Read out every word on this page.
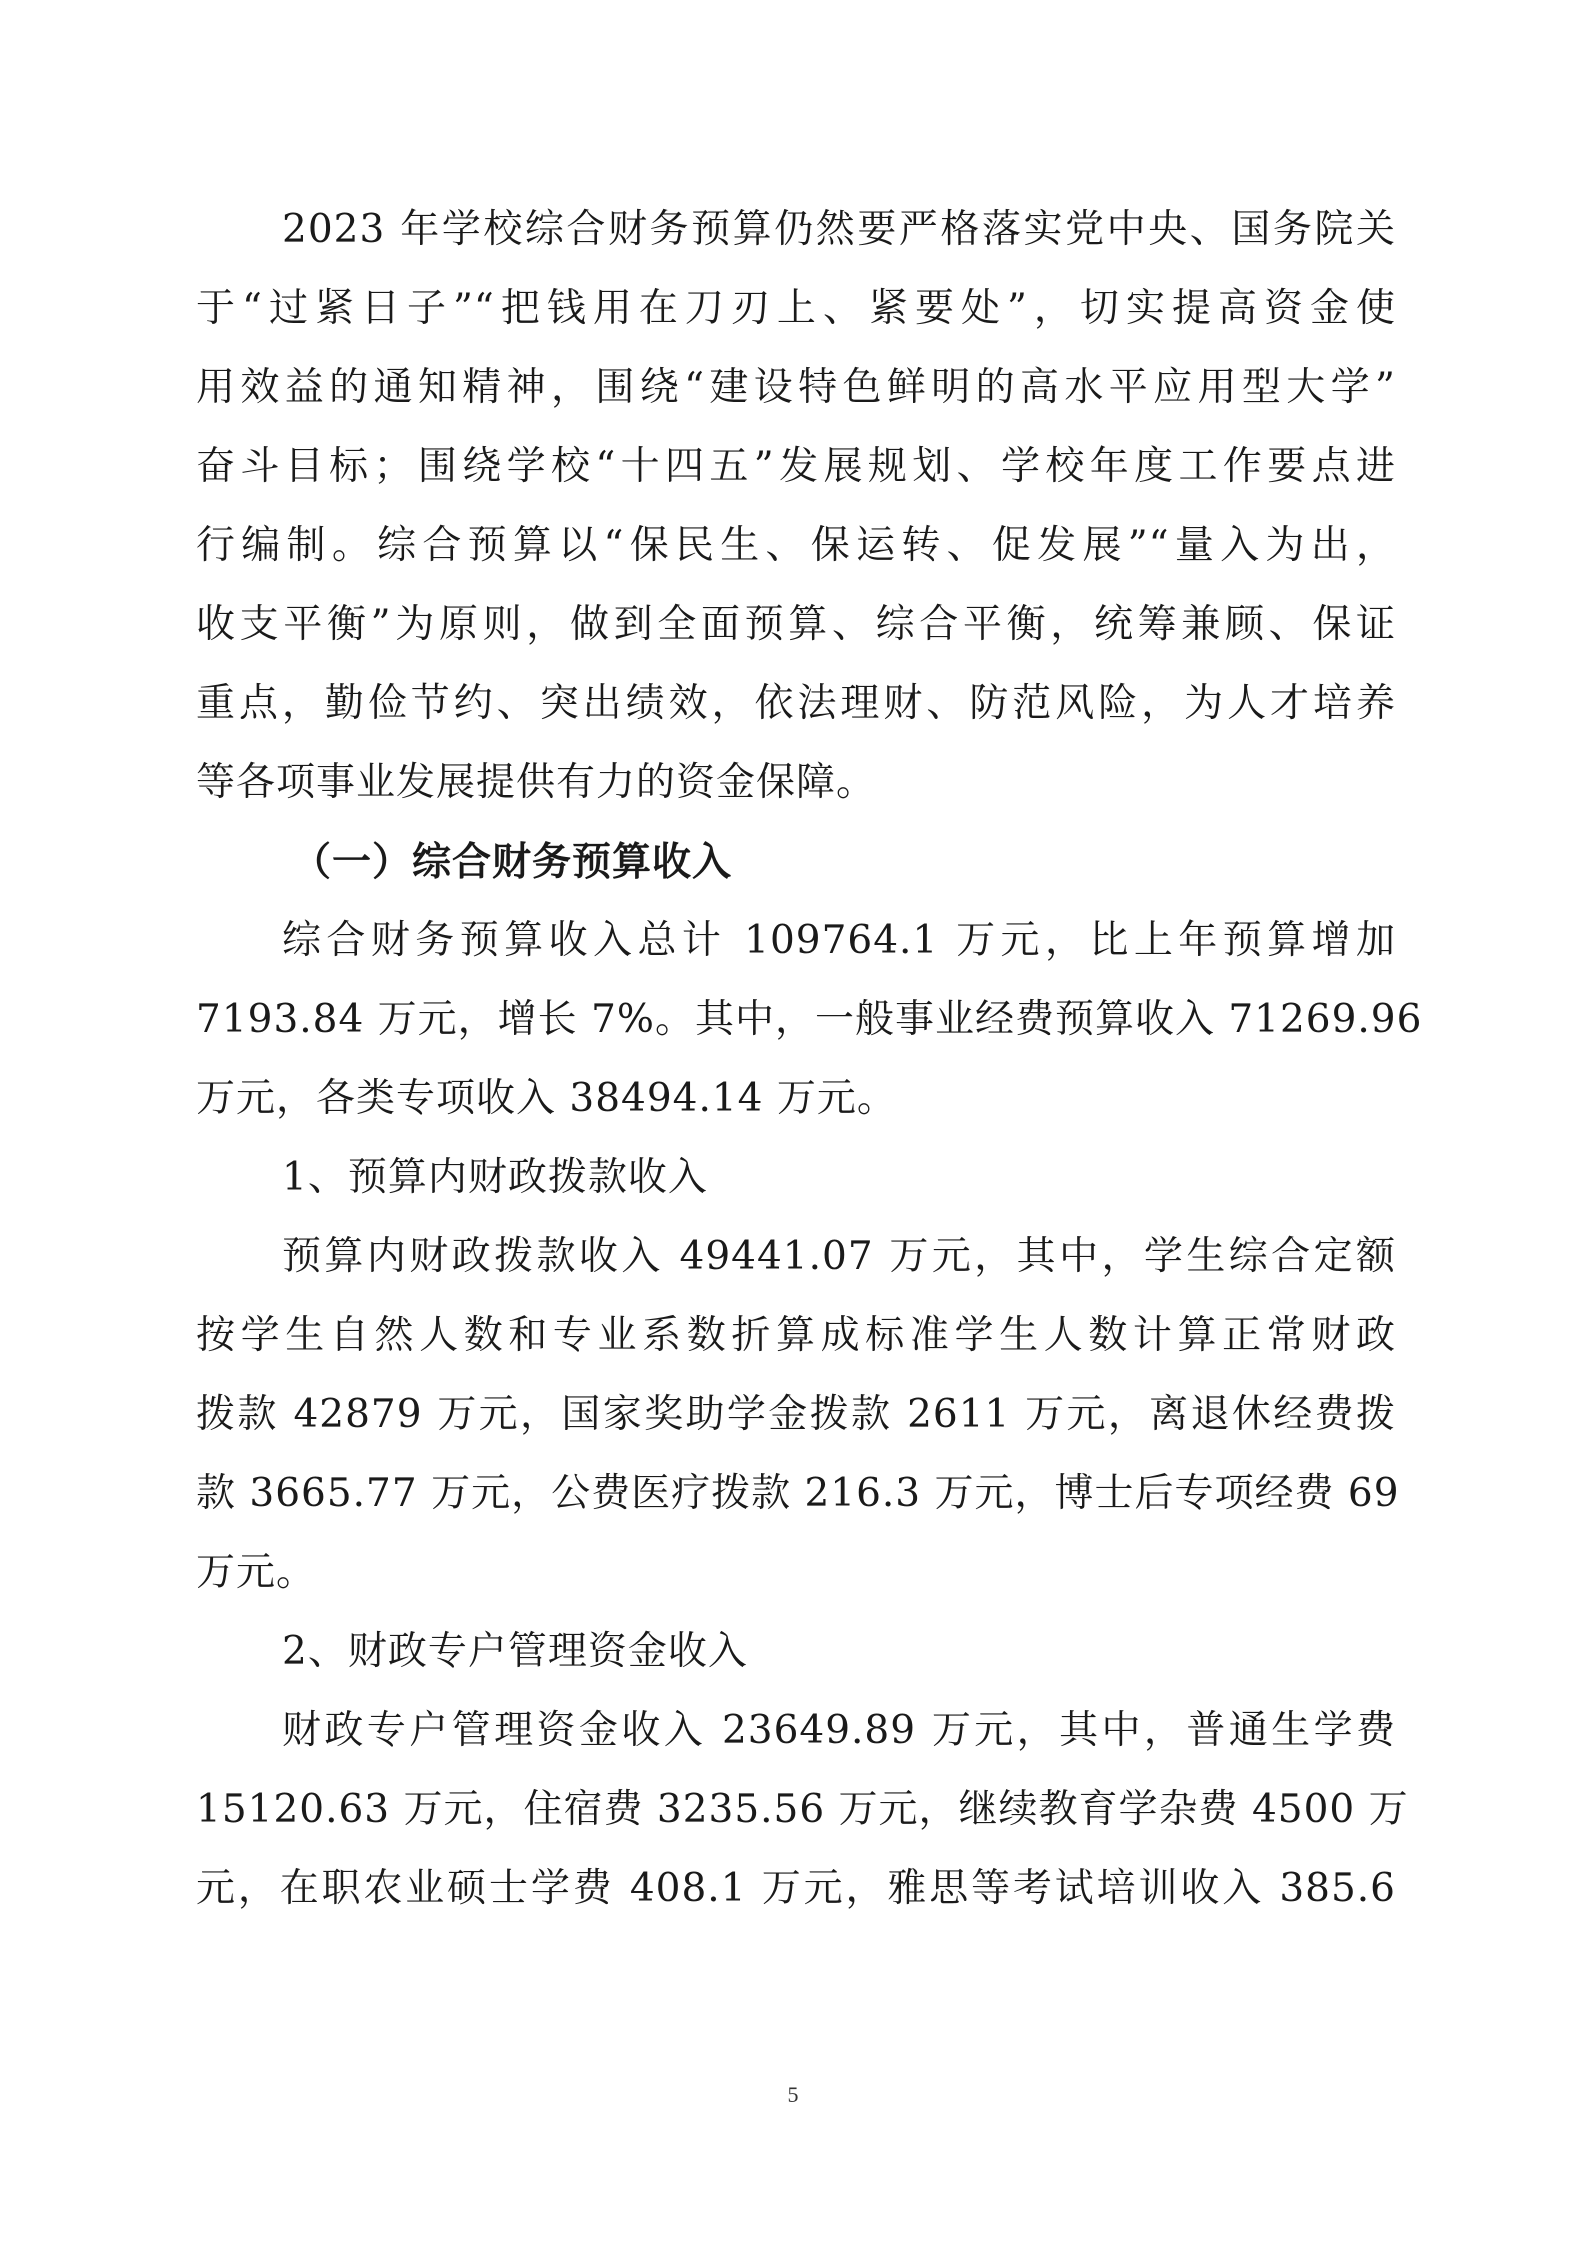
2023 年学校综合财务预算仍然要严格落实党中央、国务院关
于“过紧日子”“把钱用在刀刃上、紧要处”，切实提高资金使
用效益的通知精神，围绕“建设特色鲜明的高水平应用型大学”
奋斗目标；围绕学校“十四五”发展规划、学校年度工作要点进
行编制。综合预算以“保民生、保运转、促发展”“量入为出，
收支平衡”为原则，做到全面预算、综合平衡，统筹兼顾、保证
重点，勤俭节约、突出绩效，依法理财、防范风险，为人才培养
等各项事业发展提供有力的资金保障。
（一）综合财务预算收入
综合财务预算收入总计 109764.1 万元，比上年预算增加
7193.84 万元，增长 7%。其中，一般事业经费预算收入 71269.96
万元，各类专项收入 38494.14 万元。
1、预算内财政拨款收入
预算内财政拨款收入 49441.07 万元，其中，学生综合定额
按学生自然人数和专业系数折算成标准学生人数计算正常财政
拨款 42879 万元，国家奖助学金拨款 2611 万元，离退休经费拨
款 3665.77 万元，公费医疗拨款 216.3 万元，博士后专项经费 69
万元。
2、财政专户管理资金收入
财政专户管理资金收入 23649.89 万元，其中，普通生学费
15120.63 万元，住宿费 3235.56 万元，继续教育学杂费 4500 万
元，在职农业硕士学费 408.1 万元，雅思等考试培训收入 385.6
5
